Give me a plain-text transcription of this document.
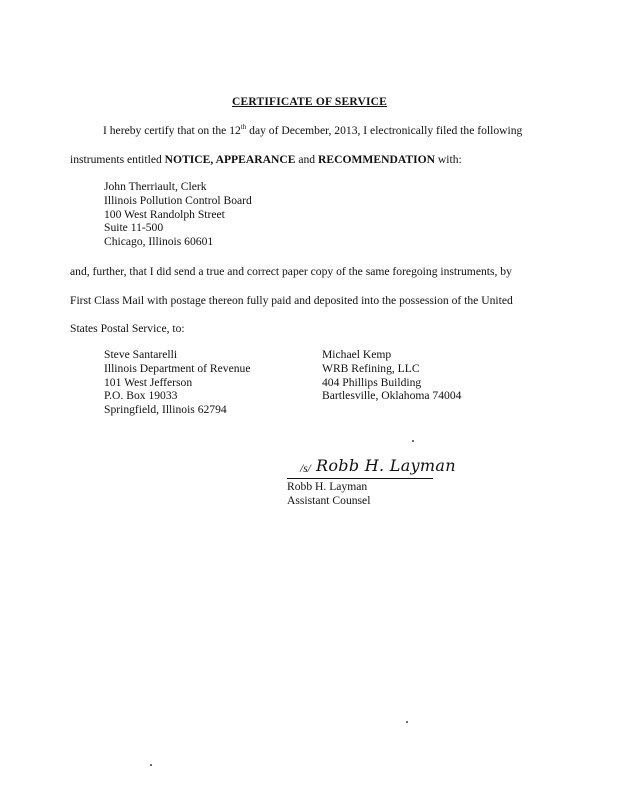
CERTIFICATE OF SERVICE
I hereby certify that on the 12th day of December, 2013, I electronically filed the following
instruments entitled NOTICE, APPEARANCE and RECOMMENDATION with:
John Therriault, Clerk
Illinois Pollution Control Board
100 West Randolph Street
Suite 11-500
Chicago, Illinois 60601
and, further, that I did send a true and correct paper copy of the same foregoing instruments, by
First Class Mail with postage thereon fully paid and deposited into the possession of the United
States Postal Service, to:
Steve Santarelli
Illinois Department of Revenue
101 West Jefferson
P.O. Box 19033
Springfield, Illinois 62794
Michael Kemp
WRB Refining, LLC
404 Phillips Building
Bartlesville, Oklahoma 74004
/s/ Robb H. Layman
Robb H. Layman
Assistant Counsel
